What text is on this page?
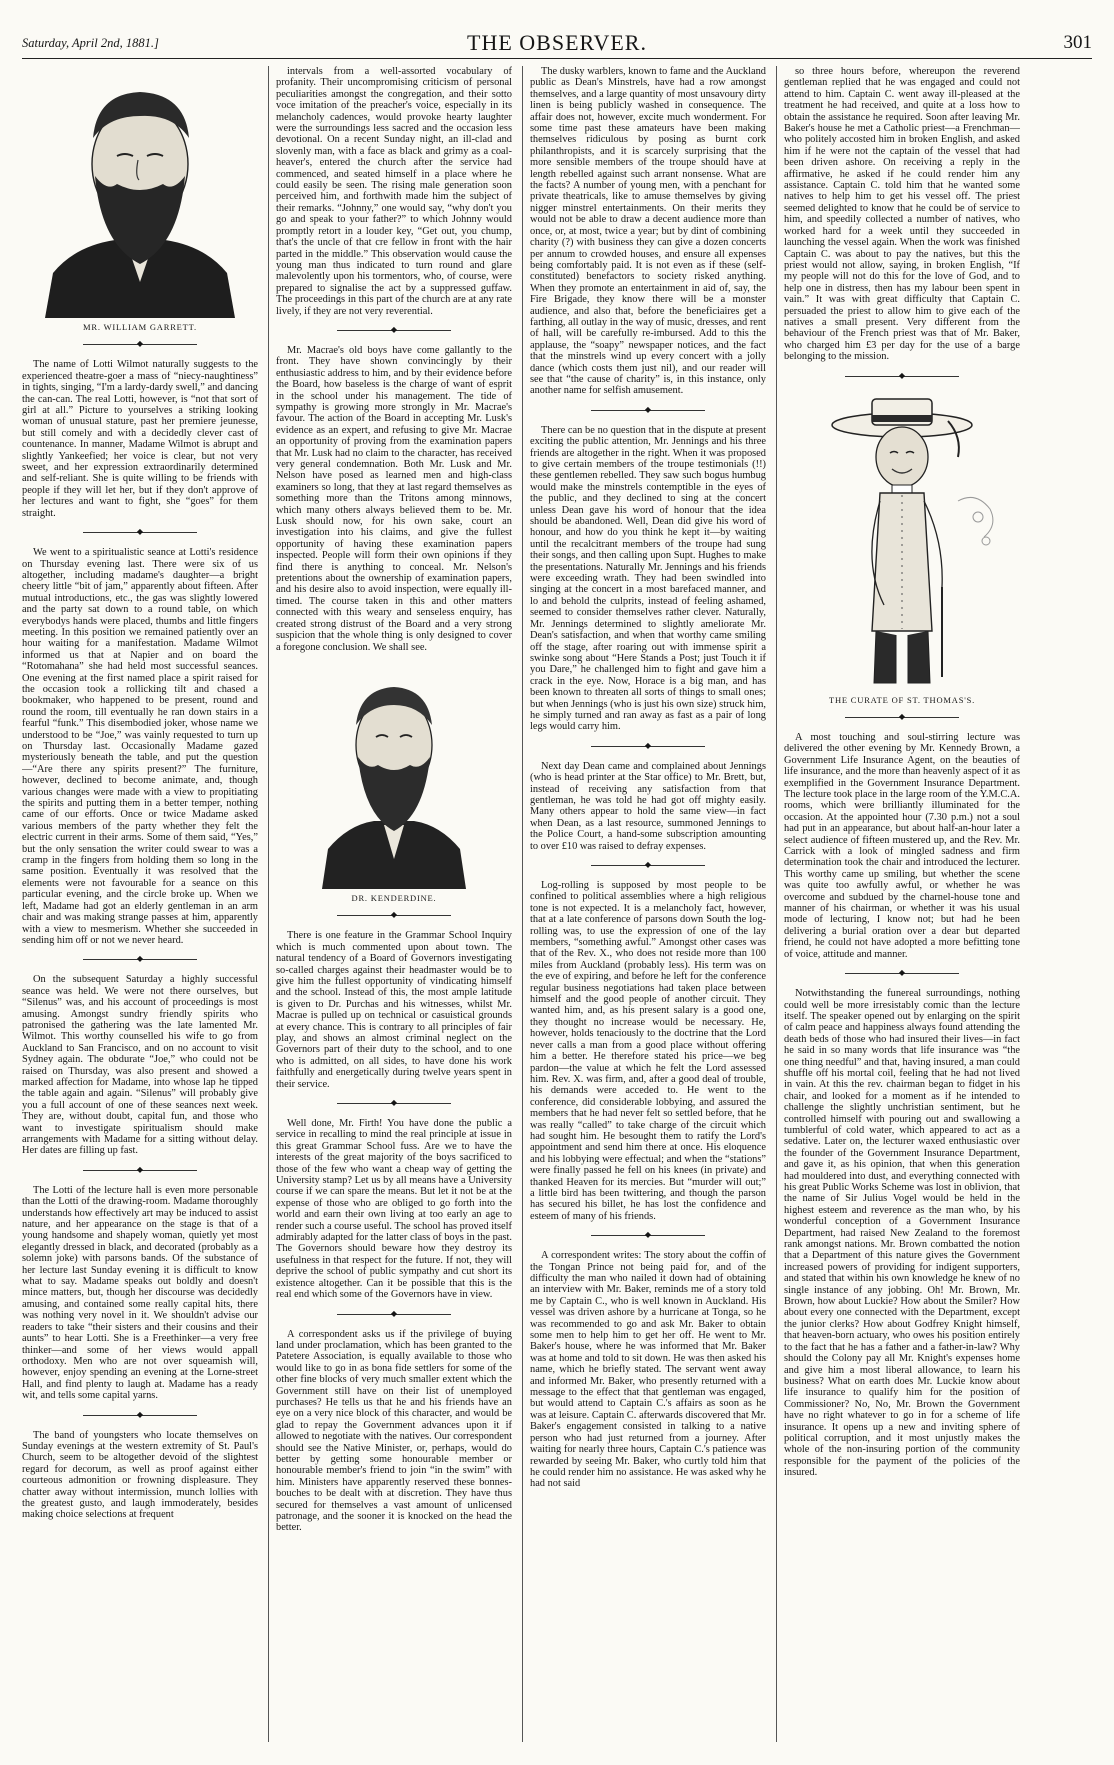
Saturday, April 2nd, 1881.]	THE OBSERVER.	301
MR. WILLIAM GARRETT.
◆

The name of Lotti Wilmot naturally suggests to the experienced theatre-goer a mass of “niecy-naughtiness” in tights, singing, “I'm a lardy-dardy swell,” and dancing the can-can. The real Lotti, however, is “not that sort of girl at all.” Picture to yourselves a striking looking woman of unusual stature, past her premiere jeunesse, but still comely and with a decidedly clever cast of countenance. In manner, Madame Wilmot is abrupt and slightly Yankeefied; her voice is clear, but not very sweet, and her expression extraordinarily determined and self-reliant. She is quite willing to be friends with people if they will let her, but if they don't approve of her lectures and want to fight, she “goes” for them straight.

◆

We went to a spiritualistic seance at Lotti's residence on Thursday evening last. There were six of us altogether, including madame's daughter—a bright cheery little “bit of jam,” apparently about fifteen. After mutual introductions, etc., the gas was slightly lowered and the party sat down to a round table, on which everybodys hands were placed, thumbs and little fingers meeting. In this position we remained patiently over an hour waiting for a manifestation. Madame Wilmot informed us that at Napier and on board the “Rotomahana” she had held most successful seances. One evening at the first named place a spirit raised for the occasion took a rollicking tilt and chased a bookmaker, who happened to be present, round and round the room, till eventually he ran down stairs in a fearful “funk.” This disembodied joker, whose name we understood to be “Joe,” was vainly requested to turn up on Thursday last. Occasionally Madame gazed mysteriously beneath the table, and put the question—“Are there any spirits present?” The furniture, however, declined to become animate, and, though various changes were made with a view to propitiating the spirits and putting them in a better temper, nothing came of our efforts. Once or twice Madame asked various members of the party whether they felt the electric current in their arms. Some of them said, “Yes,” but the only sensation the writer could swear to was a cramp in the fingers from holding them so long in the same position. Eventually it was resolved that the elements were not favourable for a seance on this particular evening, and the circle broke up. When we left, Madame had got an elderly gentleman in an arm chair and was making strange passes at him, apparently with a view to mesmerism. Whether she succeeded in sending him off or not we never heard.

◆

On the subsequent Saturday a highly successful seance was held. We were not there ourselves, but “Silenus” was, and his account of proceedings is most amusing. Amongst sundry friendly spirits who patronised the gathering was the late lamented Mr. Wilmot. This worthy counselled his wife to go from Auckland to San Francisco, and on no account to visit Sydney again. The obdurate “Joe,” who could not be raised on Thursday, was also present and showed a marked affection for Madame, into whose lap he tipped the table again and again. “Silenus” will probably give you a full account of one of these seances next week. They are, without doubt, capital fun, and those who want to investigate spiritualism should make arrangements with Madame for a sitting without delay. Her dates are filling up fast.

◆

The Lotti of the lecture hall is even more personable than the Lotti of the drawing-room. Madame thoroughly understands how effectively art may be induced to assist nature, and her appearance on the stage is that of a young handsome and shapely woman, quietly yet most elegantly dressed in black, and decorated (probably as a solemn joke) with parsons bands. Of the substance of her lecture last Sunday evening it is difficult to know what to say. Madame speaks out boldly and doesn't mince matters, but, though her discourse was decidedly amusing, and contained some really capital hits, there was nothing very novel in it. We shouldn't advise our readers to take “their sisters and their cousins and their aunts” to hear Lotti. She is a Freethinker—a very free thinker—and some of her views would appall orthodoxy. Men who are not over squeamish will, however, enjoy spending an evening at the Lorne-street Hall, and find plenty to laugh at. Madame has a ready wit, and tells some capital yarns.

◆

The band of youngsters who locate themselves on Sunday evenings at the western extremity of St. Paul's Church, seem to be altogether devoid of the slightest regard for decorum, as well as proof against either courteous admonition or frowning displeasure. They chatter away without intermission, munch lollies with the greatest gusto, and laugh immoderately, besides making choice selections at frequent

intervals from a well-assorted vocabulary of profanity. Their uncompromising criticism of personal peculiarities amongst the congregation, and their sotto voce imitation of the preacher's voice, especially in its melancholy cadences, would provoke hearty laughter were the surroundings less sacred and the occasion less devotional. On a recent Sunday night, an ill-clad and slovenly man, with a face as black and grimy as a coal-heaver's, entered the church after the service had commenced, and seated himself in a place where he could easily be seen. The rising male generation soon perceived him, and forthwith made him the subject of their remarks. “Johnny,” one would say, “why don't you go and speak to your father?” to which Johnny would promptly retort in a louder key, “Get out, you chump, that's the uncle of that cre fellow in front with the hair parted in the middle.” This observation would cause the young man thus indicated to turn round and glare malevolently upon his tormentors, who, of course, were prepared to signalise the act by a suppressed guffaw. The proceedings in this part of the church are at any rate lively, if they are not very reverential.

◆

Mr. Macrae's old boys have come gallantly to the front. They have shown convincingly by their enthusiastic address to him, and by their evidence before the Board, how baseless is the charge of want of esprit in the school under his management. The tide of sympathy is growing more strongly in Mr. Macrae's favour. The action of the Board in accepting Mr. Lusk's evidence as an expert, and refusing to give Mr. Macrae an opportunity of proving from the examination papers that Mr. Lusk had no claim to the character, has received very general condemnation. Both Mr. Lusk and Mr. Nelson have posed as learned men and high-class examiners so long, that they at last regard themselves as something more than the Tritons among minnows, which many others always believed them to be. Mr. Lusk should now, for his own sake, court an investigation into his claims, and give the fullest opportunity of having these examination papers inspected. People will form their own opinions if they find there is anything to conceal. Mr. Nelson's pretentions about the ownership of examination papers, and his desire also to avoid inspection, were equally ill-timed. The course taken in this and other matters connected with this weary and senseless enquiry, has created strong distrust of the Board and a very strong suspicion that the whole thing is only designed to cover a foregone conclusion. We shall see.

DR. KENDERDINE.
◆

There is one feature in the Grammar School Inquiry which is much commented upon about town. The natural tendency of a Board of Governors investigating so-called charges against their headmaster would be to give him the fullest opportunity of vindicating himself and the school. Instead of this, the most ample latitude is given to Dr. Purchas and his witnesses, whilst Mr. Macrae is pulled up on technical or casuistical grounds at every chance. This is contrary to all principles of fair play, and shows an almost criminal neglect on the Governors part of their duty to the school, and to one who is admitted, on all sides, to have done his work faithfully and energetically during twelve years spent in their service.

◆

Well done, Mr. Firth! You have done the public a service in recalling to mind the real principle at issue in this great Grammar School fuss. Are we to have the interests of the great majority of the boys sacrificed to those of the few who want a cheap way of getting the University stamp? Let us by all means have a University course if we can spare the means. But let it not be at the expense of those who are obliged to go forth into the world and earn their own living at too early an age to render such a course useful. The school has proved itself admirably adapted for the latter class of boys in the past. The Governors should beware how they destroy its usefulness in that respect for the future. If not, they will deprive the school of public sympathy and cut short its existence altogether. Can it be possible that this is the real end which some of the Governors have in view.

◆

A correspondent asks us if the privilege of buying land under proclamation, which has been granted to the Patetere Association, is equally available to those who would like to go in as bona fide settlers for some of the other fine blocks of very much smaller extent which the Government still have on their list of unemployed purchases? He tells us that he and his friends have an eye on a very nice block of this character, and would be glad to repay the Government advances upon it if allowed to negotiate with the natives. Our correspondent should see the Native Minister, or, perhaps, would do better by getting some honourable member or honourable member's friend to join “in the swim” with him. Ministers have apparently reserved these bonnes-bouches to be dealt with at discretion. They have thus secured for themselves a vast amount of unlicensed patronage, and the sooner it is knocked on the head the better.

The dusky warblers, known to fame and the Auckland public as Dean's Minstrels, have had a row amongst themselves, and a large quantity of most unsavoury dirty linen is being publicly washed in consequence. The affair does not, however, excite much wonderment. For some time past these amateurs have been making themselves ridiculous by posing as burnt cork philanthropists, and it is scarcely surprising that the more sensible members of the troupe should have at length rebelled against such arrant nonsense. What are the facts? A number of young men, with a penchant for private theatricals, like to amuse themselves by giving nigger minstrel entertainments. On their merits they would not be able to draw a decent audience more than once, or, at most, twice a year; but by dint of combining charity (?) with business they can give a dozen concerts per annum to crowded houses, and ensure all expenses being comfortably paid. It is not even as if these (self-constituted) benefactors to society risked anything. When they promote an entertainment in aid of, say, the Fire Brigade, they know there will be a monster audience, and also that, before the beneficiaires get a farthing, all outlay in the way of music, dresses, and rent of hall, will be carefully re-imbursed. Add to this the applause, the “soapy” newspaper notices, and the fact that the minstrels wind up every concert with a jolly dance (which costs them just nil), and our reader will see that “the cause of charity” is, in this instance, only another name for selfish amusement.

◆

There can be no question that in the dispute at present exciting the public attention, Mr. Jennings and his three friends are altogether in the right. When it was proposed to give certain members of the troupe testimonials (!!) these gentlemen rebelled. They saw such bogus humbug would make the minstrels contemptible in the eyes of the public, and they declined to sing at the concert unless Dean gave his word of honour that the idea should be abandoned. Well, Dean did give his word of honour, and how do you think he kept it—by waiting until the recalcitrant members of the troupe had sung their songs, and then calling upon Supt. Hughes to make the presentations. Naturally Mr. Jennings and his friends were exceeding wrath. They had been swindled into singing at the concert in a most barefaced manner, and lo and behold the culprits, instead of feeling ashamed, seemed to consider themselves rather clever. Naturally, Mr. Jennings determined to slightly ameliorate Mr. Dean's satisfaction, and when that worthy came smiling off the stage, after roaring out with immense spirit a swinke song about “Here Stands a Post; just Touch it if you Dare,” he challenged him to fight and gave him a crack in the eye. Now, Horace is a big man, and has been known to threaten all sorts of things to small ones; but when Jennings (who is just his own size) struck him, he simply turned and ran away as fast as a pair of long legs would carry him.

◆

Next day Dean came and complained about Jennings (who is head printer at the Star office) to Mr. Brett, but, instead of receiving any satisfaction from that gentleman, he was told he had got off mighty easily. Many others appear to hold the same view—in fact when Dean, as a last resource, summoned Jennings to the Police Court, a hand-some subscription amounting to over £10 was raised to defray expenses.

◆

Log-rolling is supposed by most people to be confined to political assemblies where a high religious tone is not expected. It is a melancholy fact, however, that at a late conference of parsons down South the log-rolling was, to use the expression of one of the lay members, “something awful.” Amongst other cases was that of the Rev. X., who does not reside more than 100 miles from Auckland (probably less). His term was on the eve of expiring, and before he left for the conference regular business negotiations had taken place between himself and the good people of another circuit. They wanted him, and, as his present salary is a good one, they thought no increase would be necessary. He, however, holds tenaciously to the doctrine that the Lord never calls a man from a good place without offering him a better. He therefore stated his price—we beg pardon—the value at which he felt the Lord assessed him. Rev. X. was firm, and, after a good deal of trouble, his demands were acceded to. He went to the conference, did considerable lobbying, and assured the members that he had never felt so settled before, that he was really “called” to take charge of the circuit which had sought him. He besought them to ratify the Lord's appointment and send him there at once. His eloquence and his lobbying were effectual; and when the “stations” were finally passed he fell on his knees (in private) and thanked Heaven for its mercies. But “murder will out;” a little bird has been twittering, and though the parson has secured his billet, he has lost the confidence and esteem of many of his friends.

◆

A correspondent writes: The story about the coffin of the Tongan Prince not being paid for, and of the difficulty the man who nailed it down had of obtaining an interview with Mr. Baker, reminds me of a story told me by Captain C., who is well known in Auckland. His vessel was driven ashore by a hurricane at Tonga, so he was recommended to go and ask Mr. Baker to obtain some men to help him to get her off. He went to Mr. Baker's house, where he was informed that Mr. Baker was at home and told to sit down. He was then asked his name, which he briefly stated. The servant went away and informed Mr. Baker, who presently returned with a message to the effect that that gentleman was engaged, but would attend to Captain C.'s affairs as soon as he was at leisure. Captain C. afterwards discovered that Mr. Baker's engagement consisted in talking to a native person who had just returned from a journey. After waiting for nearly three hours, Captain C.'s patience was rewarded by seeing Mr. Baker, who curtly told him that he could render him no assistance. He was asked why he had not said

so three hours before, whereupon the reverend gentleman replied that he was engaged and could not attend to him. Captain C. went away ill-pleased at the treatment he had received, and quite at a loss how to obtain the assistance he required. Soon after leaving Mr. Baker's house he met a Catholic priest—a Frenchman—who politely accosted him in broken English, and asked him if he were not the captain of the vessel that had been driven ashore. On receiving a reply in the affirmative, he asked if he could render him any assistance. Captain C. told him that he wanted some natives to help him to get his vessel off. The priest seemed delighted to know that he could be of service to him, and speedily collected a number of natives, who worked hard for a week until they succeeded in launching the vessel again. When the work was finished Captain C. was about to pay the natives, but this the priest would not allow, saying, in broken English, “If my people will not do this for the love of God, and to help one in distress, then has my labour been spent in vain.” It was with great difficulty that Captain C. persuaded the priest to allow him to give each of the natives a small present. Very different from the behaviour of the French priest was that of Mr. Baker, who charged him £3 per day for the use of a barge belonging to the mission.

◆
THE CURATE OF ST. THOMAS'S.
◆

A most touching and soul-stirring lecture was delivered the other evening by Mr. Kennedy Brown, a Government Life Insurance Agent, on the beauties of life insurance, and the more than heavenly aspect of it as exemplified in the Government Insurance Department. The lecture took place in the large room of the Y.M.C.A. rooms, which were brilliantly illuminated for the occasion. At the appointed hour (7.30 p.m.) not a soul had put in an appearance, but about half-an-hour later a select audience of fifteen mustered up, and the Rev. Mr. Carrick with a look of mingled sadness and firm determination took the chair and introduced the lecturer. This worthy came up smiling, but whether the scene was quite too awfully awful, or whether he was overcome and subdued by the charnel-house tone and manner of his chairman, or whether it was his usual mode of lecturing, I know not; but had he been delivering a burial oration over a dear but departed friend, he could not have adopted a more befitting tone of voice, attitude and manner.

◆

Notwithstanding the funereal surroundings, nothing could well be more irresistably comic than the lecture itself. The speaker opened out by enlarging on the spirit of calm peace and happiness always found attending the death beds of those who had insured their lives—in fact he said in so many words that life insurance was “the one thing needful” and that, having insured, a man could shuffle off his mortal coil, feeling that he had not lived in vain. At this the rev. chairman began to fidget in his chair, and looked for a moment as if he intended to challenge the slightly unchristian sentiment, but he controlled himself with pouring out and swallowing a tumblerful of cold water, which appeared to act as a sedative. Later on, the lecturer waxed enthusiastic over the founder of the Government Insurance Department, and gave it, as his opinion, that when this generation had mouldered into dust, and everything connected with his great Public Works Scheme was lost in oblivion, that the name of Sir Julius Vogel would be held in the highest esteem and reverence as the man who, by his wonderful conception of a Government Insurance Department, had raised New Zealand to the foremost rank amongst nations. Mr. Brown combatted the notion that a Department of this nature gives the Government increased powers of providing for indigent supporters, and stated that within his own knowledge he knew of no single instance of any jobbing. Oh! Mr. Brown, Mr. Brown, how about Luckie? How about the Smiler? How about every one connected with the Department, except the junior clerks? How about Godfrey Knight himself, that heaven-born actuary, who owes his position entirely to the fact that he has a father and a father-in-law? Why should the Colony pay all Mr. Knight's expenses home and give him a most liberal allowance, to learn his business? What on earth does Mr. Luckie know about life insurance to qualify him for the position of Commissioner? No, No, Mr. Brown the Government have no right whatever to go in for a scheme of life insurance. It opens up a new and inviting sphere of political corruption, and it most unjustly makes the whole of the non-insuring portion of the community responsible for the payment of the policies of the insured.
